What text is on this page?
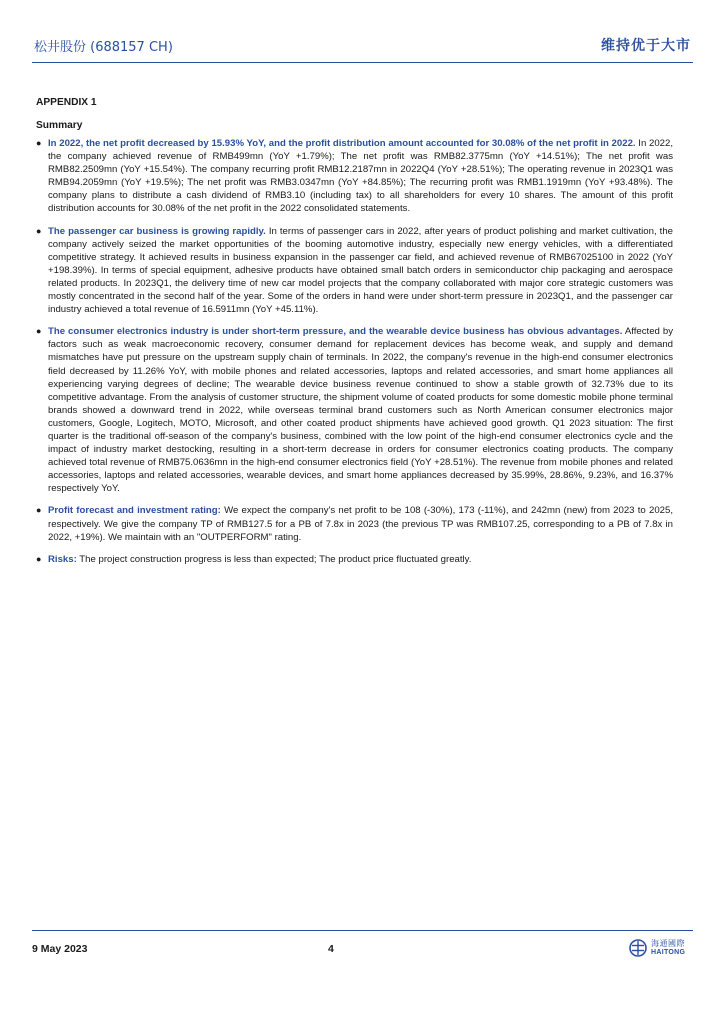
松井股份 (688157 CH)	维持优于大市

APPENDIX 1

Summary

● In 2022, the net profit decreased by 15.93% YoY, and the profit distribution amount accounted for 30.08% of the net profit in 2022. In 2022, the company achieved revenue of RMB499mn (YoY +1.79%); The net profit was RMB82.3775mn (YoY +14.51%); The net profit was RMB82.2509mn (YoY +15.54%). The company recurring profit RMB12.2187mn in 2022Q4 (YoY +28.51%); The operating revenue in 2023Q1 was RMB94.2059mn (YoY +19.5%); The net profit was RMB3.0347mn (YoY +84.85%); The recurring profit was RMB1.1919mn (YoY +93.48%). The company plans to distribute a cash dividend of RMB3.10 (including tax) to all shareholders for every 10 shares. The amount of this profit distribution accounts for 30.08% of the net profit in the 2022 consolidated statements.
● The passenger car business is growing rapidly. In terms of passenger cars in 2022, after years of product polishing and market cultivation, the company actively seized the market opportunities of the booming automotive industry, especially new energy vehicles, with a differentiated competitive strategy. It achieved results in business expansion in the passenger car field, and achieved revenue of RMB67025100 in 2022 (YoY +198.39%). In terms of special equipment, adhesive products have obtained small batch orders in semiconductor chip packaging and aerospace related products. In 2023Q1, the delivery time of new car model projects that the company collaborated with major core strategic customers was mostly concentrated in the second half of the year. Some of the orders in hand were under short-term pressure in 2023Q1, and the passenger car industry achieved a total revenue of 16.5911mn (YoY +45.11%).
● The consumer electronics industry is under short-term pressure, and the wearable device business has obvious advantages. Affected by factors such as weak macroeconomic recovery, consumer demand for replacement devices has become weak, and supply and demand mismatches have put pressure on the upstream supply chain of terminals. In 2022, the company's revenue in the high-end consumer electronics field decreased by 11.26% YoY, with mobile phones and related accessories, laptops and related accessories, and smart home appliances all experiencing varying degrees of decline; The wearable device business revenue continued to show a stable growth of 32.73% due to its competitive advantage. From the analysis of customer structure, the shipment volume of coated products for some domestic mobile phone terminal brands showed a downward trend in 2022, while overseas terminal brand customers such as North American consumer electronics major customers, Google, Logitech, MOTO, Microsoft, and other coated product shipments have achieved good growth. Q1 2023 situation: The first quarter is the traditional off-season of the company's business, combined with the low point of the high-end consumer electronics cycle and the impact of industry market destocking, resulting in a short-term decrease in orders for consumer electronics coating products. The company achieved total revenue of RMB75.0636mn in the high-end consumer electronics field (YoY +28.51%). The revenue from mobile phones and related accessories, laptops and related accessories, wearable devices, and smart home appliances decreased by 35.99%, 28.86%, 9.23%, and 16.37% respectively YoY.
● Profit forecast and investment rating: We expect the company's net profit to be 108 (-30%), 173 (-11%), and 242mn (new) from 2023 to 2025, respectively. We give the company TP of RMB127.5 for a PB of 7.8x in 2023 (the previous TP was RMB107.25, corresponding to a PB of 7.8x in 2022, +19%). We maintain with an "OUTPERFORM" rating.
● Risks: The project construction progress is less than expected; The product price fluctuated greatly.
9 May 2023	4	海通國際
HAITONG
